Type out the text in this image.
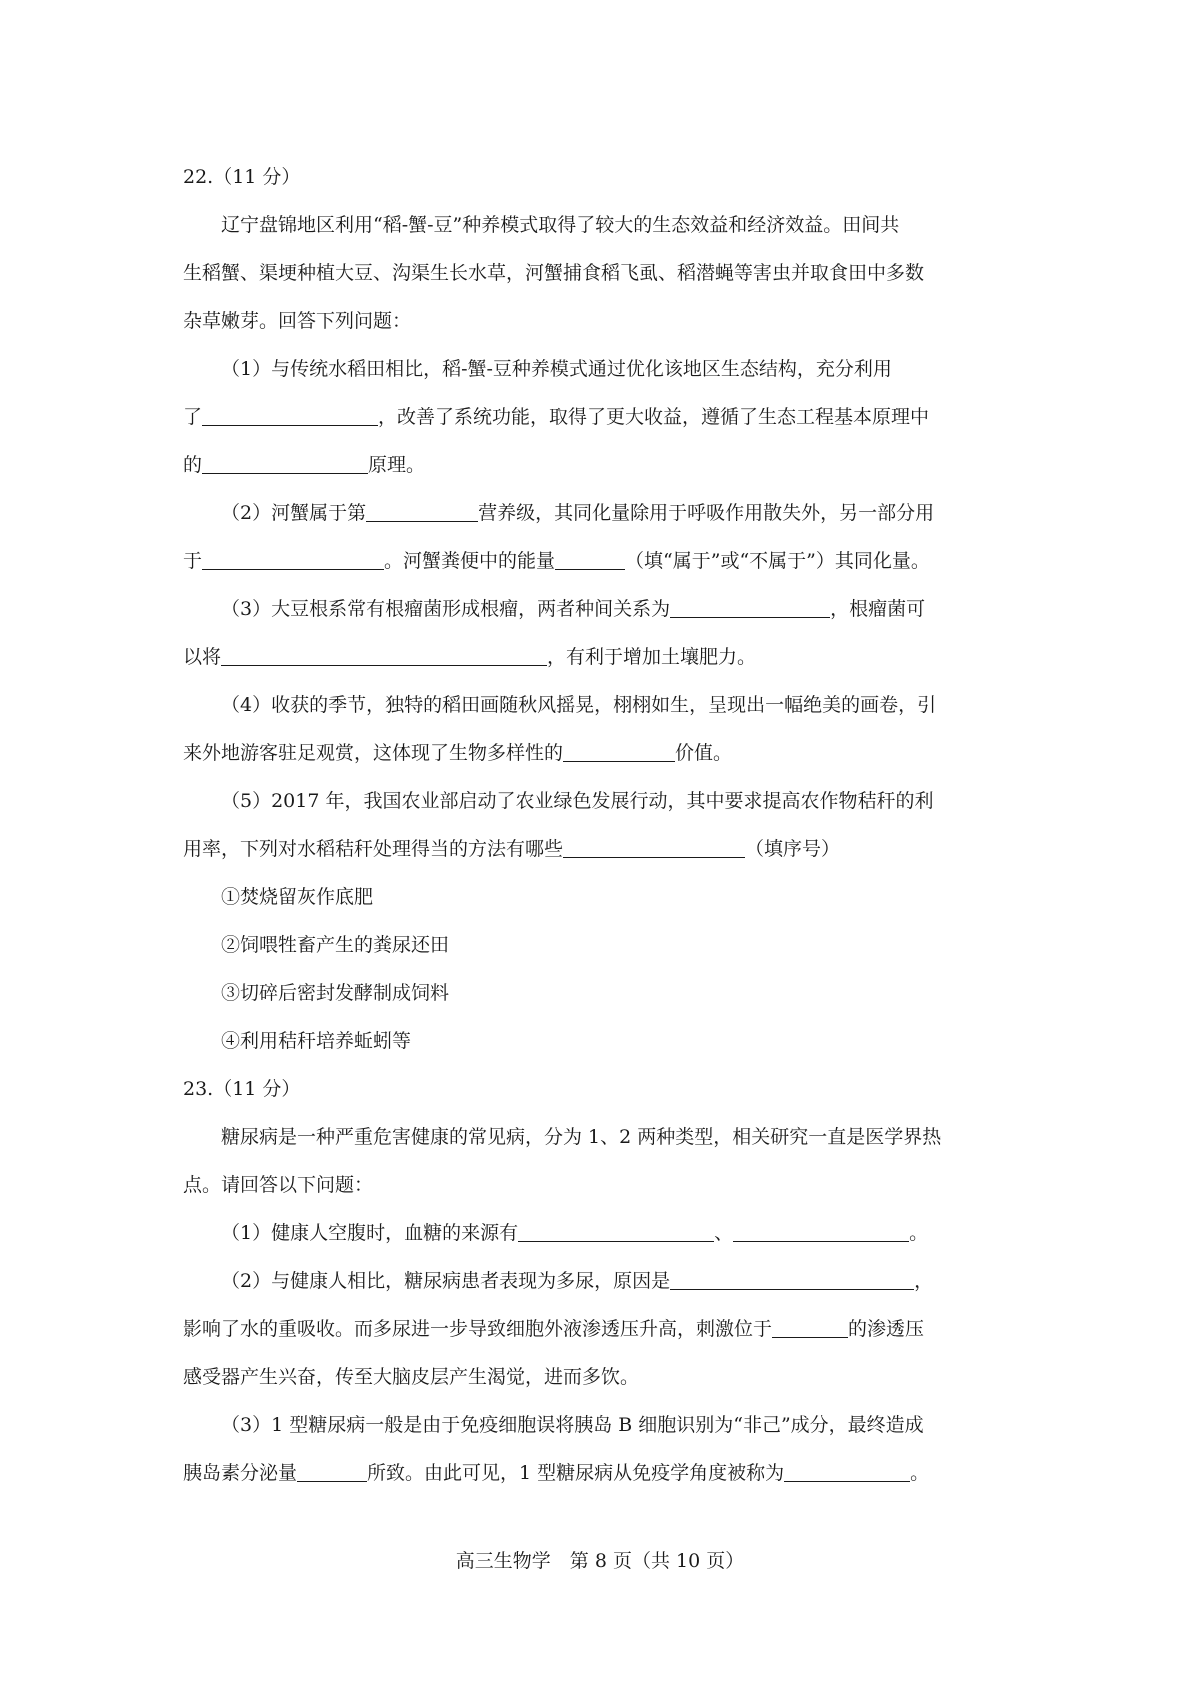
22.（11 分）
辽宁盘锦地区利用“稻-蟹-豆”种养模式取得了较大的生态效益和经济效益。田间共
生稻蟹、渠埂种植大豆、沟渠生长水草，河蟹捕食稻飞虱、稻潜蝇等害虫并取食田中多数
杂草嫩芽。回答下列问题：
（1）与传统水稻田相比，稻-蟹-豆种养模式通过优化该地区生态结构，充分利用
了	，改善了系统功能，取得了更大收益，遵循了生态工程基本原理中
的	原理。
（2）河蟹属于第	营养级，其同化量除用于呼吸作用散失外，另一部分用
于	。河蟹粪便中的能量	（填“属于”或“不属于”）其同化量。
（3）大豆根系常有根瘤菌形成根瘤，两者种间关系为	，根瘤菌可
以将	，有利于增加土壤肥力。
（4）收获的季节，独特的稻田画随秋风摇晃，栩栩如生，呈现出一幅绝美的画卷，引
来外地游客驻足观赏，这体现了生物多样性的	价值。
（5）2017 年，我国农业部启动了农业绿色发展行动，其中要求提高农作物秸秆的利
用率，下列对水稻秸秆处理得当的方法有哪些	（填序号）
①焚烧留灰作底肥
②饲喂牲畜产生的粪尿还田
③切碎后密封发酵制成饲料
④利用秸秆培养蚯蚓等
23.（11 分）
糖尿病是一种严重危害健康的常见病，分为 1、2 两种类型，相关研究一直是医学界热
点。请回答以下问题：
（1）健康人空腹时，血糖的来源有	、	。
（2）与健康人相比，糖尿病患者表现为多尿，原因是	，
影响了水的重吸收。而多尿进一步导致细胞外液渗透压升高，刺激位于	的渗透压
感受器产生兴奋，传至大脑皮层产生渴觉，进而多饮。
（3）1 型糖尿病一般是由于免疫细胞误将胰岛 B 细胞识别为“非己”成分，最终造成
胰岛素分泌量	所致。由此可见，1 型糖尿病从免疫学角度被称为	。
高三生物学　第 8 页（共 10 页）
